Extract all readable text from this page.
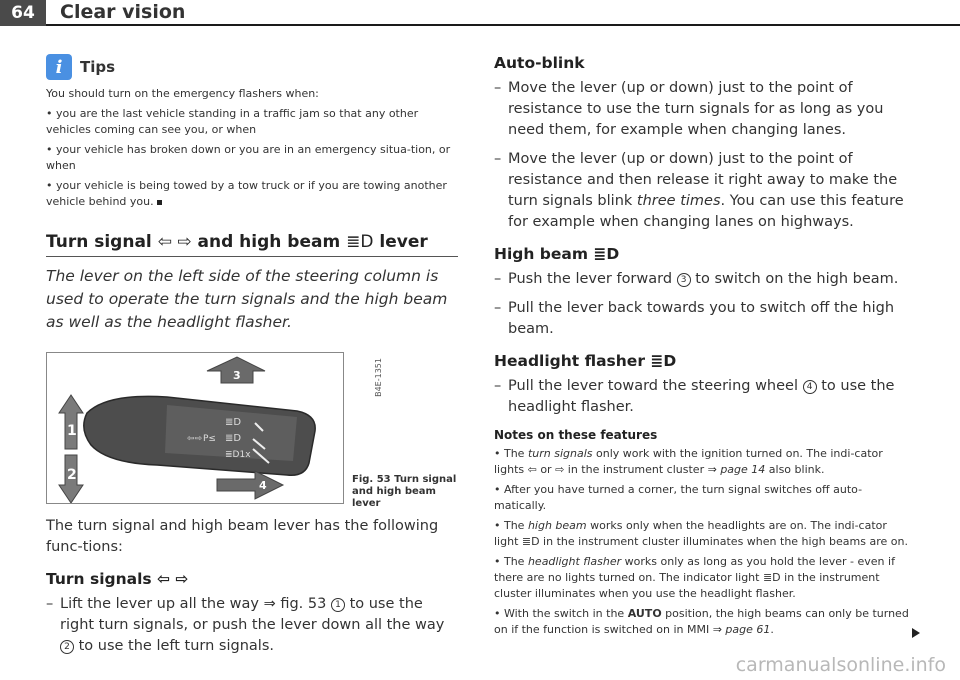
64	Clear vision
i	Tips

You should turn on the emergency flashers when:

• you are the last vehicle standing in a traffic jam so that any other vehicles coming can see you, or when

• your vehicle has broken down or you are in an emergency situa-tion, or when

• your vehicle is being towed by a tow truck or if you are towing another vehicle behind you.

Turn signal ⇦ ⇨ and high beam ≣D lever

The lever on the left side of the steering column is used to operate the turn signals and the high beam as well as the headlight flasher.

1
2
3
4
≣D
⇦⇨ P≤ ≣D
≣D1x
B4E-1351
Fig. 53 Turn signal
and high beam lever

The turn signal and high beam lever has the following func-tions:

Turn signals ⇦ ⇨
– Lift the lever up all the way ⇒ fig. 53 1 to use the right turn signals, or push the lever down all the way 2 to use the left turn signals.
Auto-blink
– Move the lever (up or down) just to the point of resistance to use the turn signals for as long as you need them, for example when changing lanes.
– Move the lever (up or down) just to the point of resistance and then release it right away to make the turn signals blink three times. You can use this feature for example when changing lanes on highways.
High beam ≣D
– Push the lever forward 3 to switch on the high beam.
– Pull the lever back towards you to switch off the high beam.
Headlight flasher ≣D
– Pull the lever toward the steering wheel 4 to use the headlight flasher.
Notes on these features
• The turn signals only work with the ignition turned on. The indi-cator lights ⇦ or ⇨ in the instrument cluster ⇒ page 14 also blink.
• After you have turned a corner, the turn signal switches off auto-matically.
• The high beam works only when the headlights are on. The indi-cator light ≣D in the instrument cluster illuminates when the high beams are on.
• The headlight flasher works only as long as you hold the lever - even if there are no lights turned on. The indicator light ≣D in the instrument cluster illuminates when you use the headlight flasher.
• With the switch in the AUTO position, the high beams can only be turned on if the function is switched on in MMI ⇒ page 61.
carmanualsonline.info
